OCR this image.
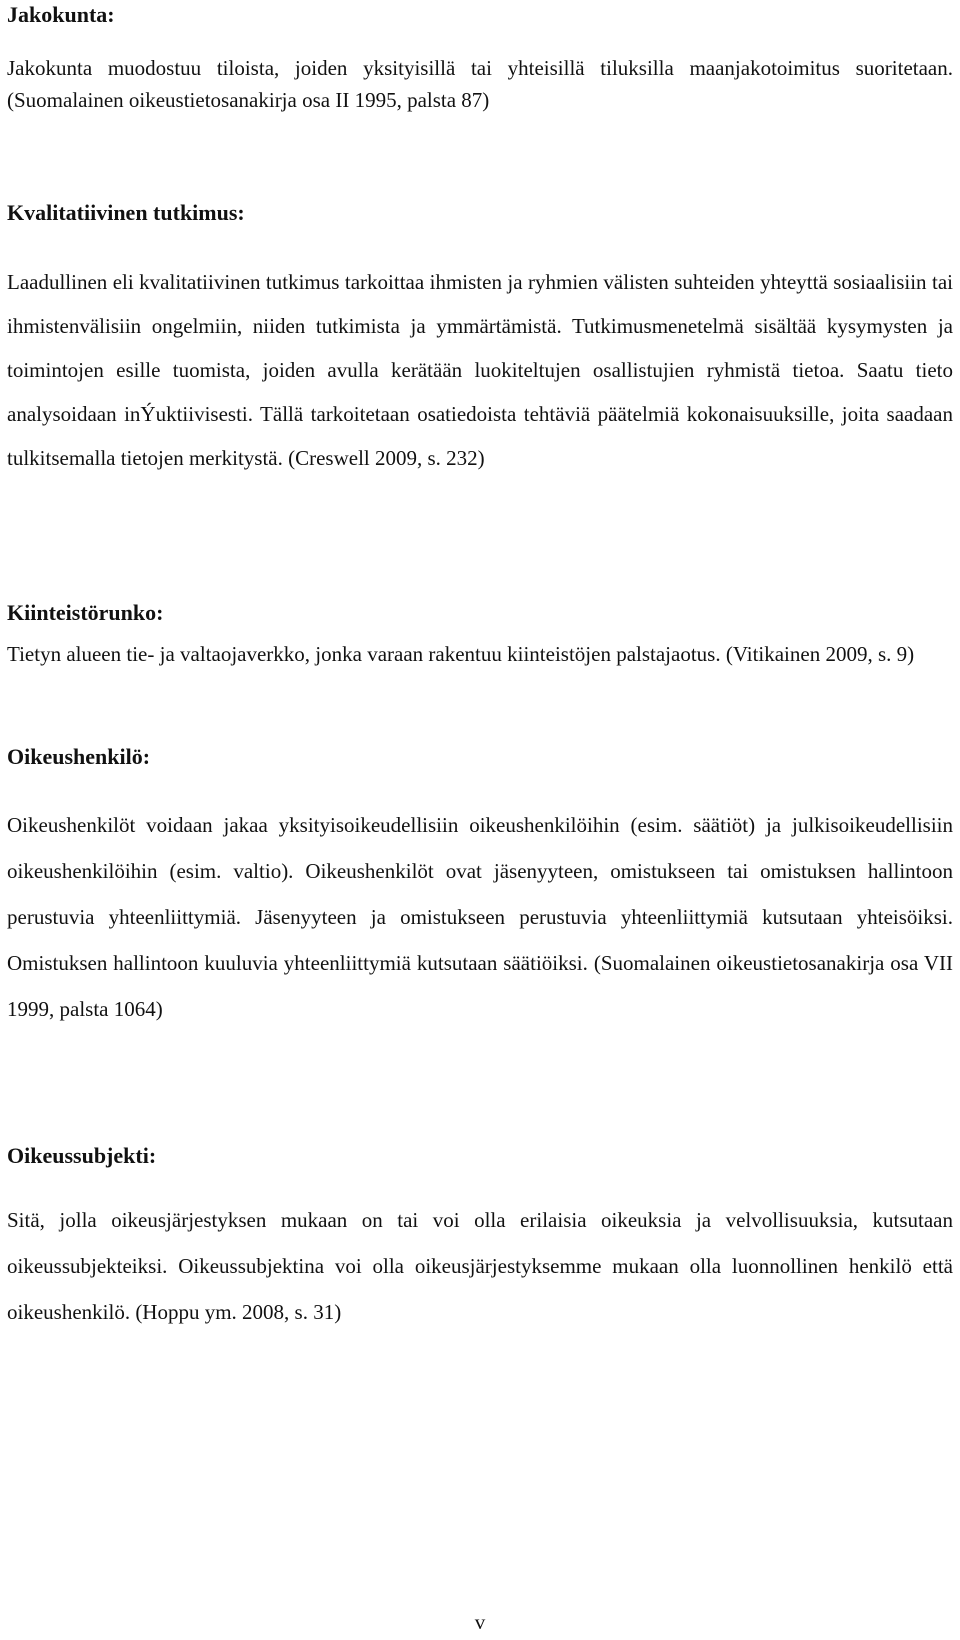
Jakokunta:

Jakokunta muodostuu tiloista, joiden yksityisillä tai yhteisillä tiluksilla maanjakotoimitus suoritetaan. (Suomalainen oikeustietosanakirja osa II 1995, palsta 87)

Kvalitatiivinen tutkimus:

Laadullinen eli kvalitatiivinen tutkimus tarkoittaa ihmisten ja ryhmien välisten suhteiden yhteyttä sosiaalisiin tai ihmistenvälisiin ongelmiin, niiden tutkimista ja ymmärtämistä. Tutkimusmenetelmä sisältää kysymysten ja toimintojen esille tuomista, joiden avulla kerätään luokiteltujen osallistujien ryhmistä tietoa. Saatu tieto analysoidaan inÝuktiivisesti. Tällä tarkoitetaan osatiedoista tehtäviä päätelmiä kokonaisuuksille, joita saadaan tulkitsemalla tietojen merkitystä. (Creswell 2009, s. 232)

Kiinteistörunko:

Tietyn alueen tie- ja valtaojaverkko, jonka varaan rakentuu kiinteistöjen palstajaotus. (Vitikainen 2009, s. 9)

Oikeushenkilö:

Oikeushenkilöt voidaan jakaa yksityisoikeudellisiin oikeushenkilöihin (esim. säätiöt) ja julkisoikeudellisiin oikeushenkilöihin (esim. valtio). Oikeushenkilöt ovat jäsenyyteen, omistukseen tai omistuksen hallintoon perustuvia yhteenliittymiä. Jäsenyyteen ja omistukseen perustuvia yhteenliittymiä kutsutaan yhteisöiksi. Omistuksen hallintoon kuuluvia yhteenliittymiä kutsutaan säätiöiksi. (Suomalainen oikeustietosanakirja osa VII 1999, palsta 1064)

Oikeussubjekti:

Sitä, jolla oikeusjärjestyksen mukaan on tai voi olla erilaisia oikeuksia ja velvollisuuksia, kutsutaan oikeussubjekteiksi. Oikeussubjektina voi olla oikeusjärjestyksemme mukaan olla luonnollinen henkilö että oikeushenkilö. (Hoppu ym. 2008, s. 31)

v
